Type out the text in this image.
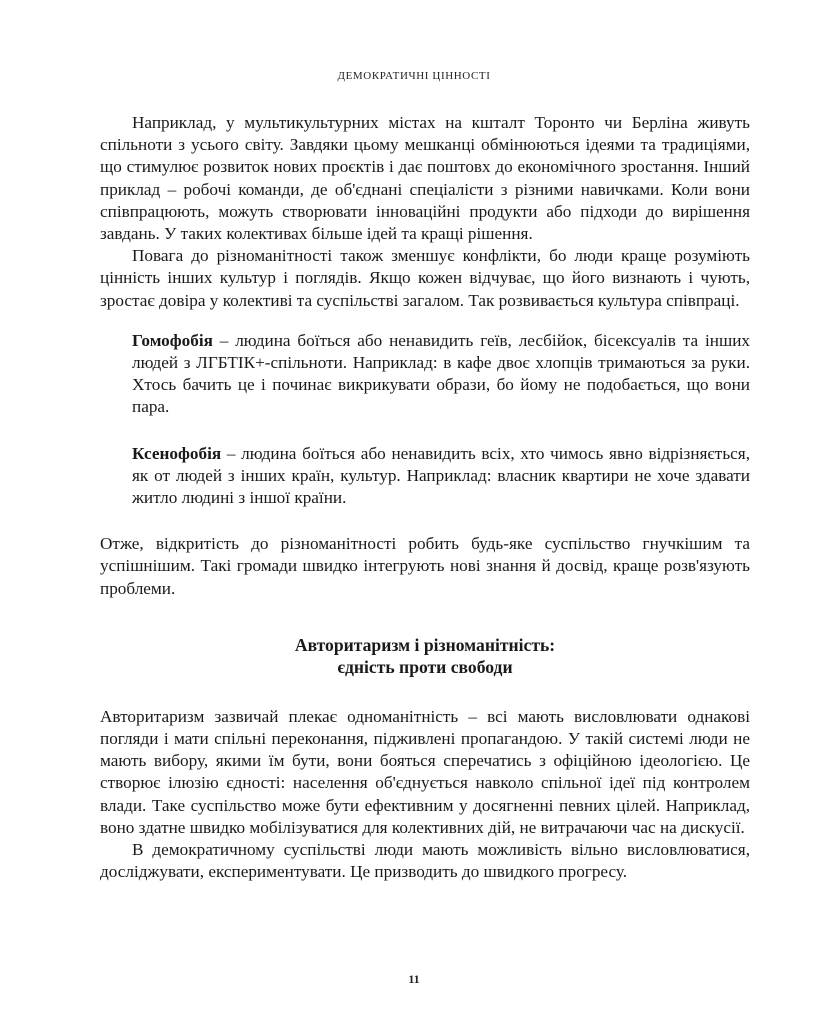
ДЕМОКРАТИЧНІ ЦІННОСТІ

Наприклад, у мультикультурних містах на кшталт Торонто чи Берліна живуть спільноти з усього світу. Завдяки цьому мешканці обмінюються ідеями та традиціями, що стимулює розвиток нових проєктів і дає поштовх до економічного зростання. Інший приклад – робочі команди, де об'єднані спеціалісти з різними навичками. Коли вони співпрацюють, можуть створювати інноваційні продукти або підходи до вирішення завдань. У таких колективах більше ідей та кращі рішення.

Повага до різноманітності також зменшує конфлікти, бо люди краще розуміють цінність інших культур і поглядів. Якщо кожен відчуває, що його визнають і чують, зростає довіра у колективі та суспільстві загалом. Так розвивається культура співпраці.

Гомофобія – людина боїться або ненавидить геїв, лесбійок, бісексуалів та інших людей з ЛГБТІК+-спільноти. Наприклад: в кафе двоє хлопців тримаються за руки. Хтось бачить це і починає викрикувати образи, бо йому не подобається, що вони пара.

Ксенофобія – людина боїться або ненавидить всіх, хто чимось явно відрізняється, як от людей з інших країн, культур. Наприклад: власник квартири не хоче здавати житло людині з іншої країни.

Отже, відкритість до різноманітності робить будь-яке суспільство гнучкішим та успішнішим. Такі громади швидко інтегрують нові знання й досвід, краще розв'язують проблеми.

Авторитаризм і різноманітність:
єдність проти свободи

Авторитаризм зазвичай плекає одноманітність – всі мають висловлювати однакові погляди і мати спільні переконання, підживлені пропагандою. У такій системі люди не мають вибору, якими їм бути, вони бояться сперечатись з офіційною ідеологією. Це створює ілюзію єдності: населення об'єднується навколо спільної ідеї під контролем влади. Таке суспільство може бути ефективним у досягненні певних цілей. Наприклад, воно здатне швидко мобілізуватися для колективних дій, не витрачаючи час на дискусії.

В демократичному суспільстві люди мають можливість вільно висловлюватися, досліджувати, експериментувати. Це призводить до швидкого прогресу.

11
